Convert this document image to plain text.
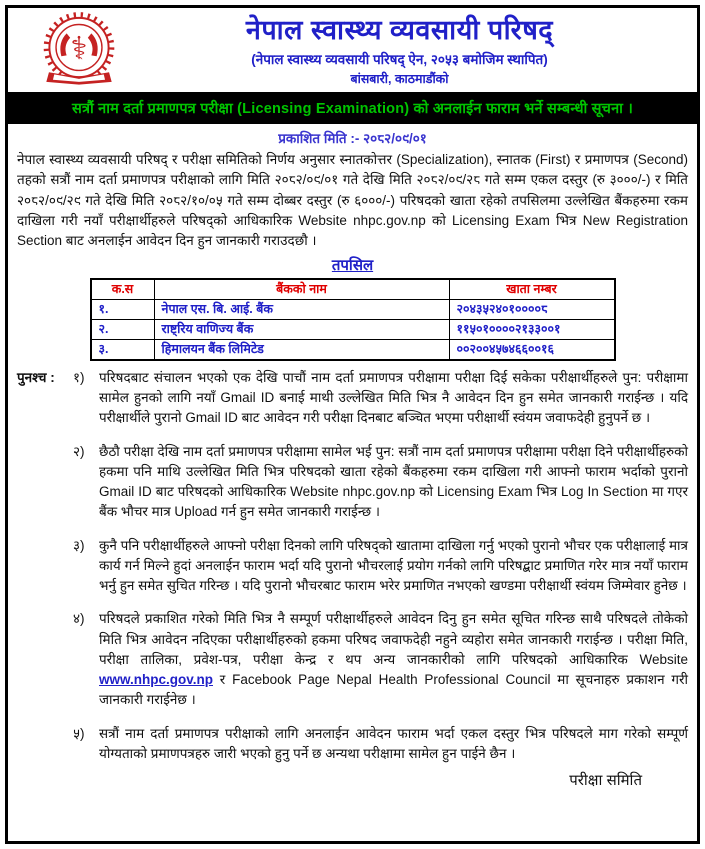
⚕	नेपाल स्वास्थ्य व्यवसायी परिषद्
(नेपाल स्वास्थ्य व्यवसायी परिषद् ऐन, २०५३ बमोजिम स्थापित)
बांसबारी, काठमाडौंको
सत्रौं नाम दर्ता प्रमाणपत्र परीक्षा (Licensing Examination) को अनलाईन फाराम भर्ने सम्बन्धी सूचना ।
प्रकाशित मिति :- २०८२/०९/०१

नेपाल स्वास्थ्य व्यवसायी परिषद् र परीक्षा समितिको निर्णय अनुसार स्नातकोत्तर (Specialization), स्नातक (First) र प्रमाणपत्र (Second) तहको सत्रौं नाम दर्ता प्रमाणपत्र परीक्षाको लागि मिति २०८२/०९/०१ गते देखि मिति २०८२/०९/२८ गते सम्म एकल दस्तुर (रु ३०००/-) र मिति २०८२/०९/२९ गते देखि मिति २०८२/१०/०५ गते सम्म दोब्बर दस्तुर (रु ६०००/-) परिषदको खाता रहेको तपसिलमा उल्लेखित बैंकहरुमा रकम दाखिला गरी नयाँ परीक्षार्थीहरुले परिषद्को आधिकारिक Website nhpc.gov.np को Licensing Exam भित्र New Registration Section बाट अनलाईन आवेदन दिन हुन जानकारी गराउदछौ ।

तपसिल
क.स	बैंकको नाम	खाता नम्बर
१.	नेपाल एस. बि. आई. बैंक	२०४३५२४०१००००८
२.	राष्ट्रिय वाणिज्य बैंक	११५०१००००२१३३००१
३.	हिमालयन बैंक लिमिटेड	००२००४५७४६६००१६
पुनश्च :	१)	परिषदबाट संचालन भएको एक देखि पाचौं नाम दर्ता प्रमाणपत्र परीक्षामा परीक्षा दिई सकेका परीक्षार्थीहरुले पुन: परीक्षामा सामेल हुनको लागि नयाँ Gmail ID बनाई माथी उल्लेखित मिति भित्र नै आवेदन दिन हुन समेत जानकारी गराईन्छ । यदि परीक्षार्थीले पुरानो Gmail ID बाट आवेदन गरी परीक्षा दिनबाट बञ्चित भएमा परीक्षार्थी स्वंयम जवाफदेही हुनुपर्ने छ ।
२)	छैठौ परीक्षा देखि नाम दर्ता प्रमाणपत्र परीक्षामा सामेल भई पुन: सत्रौं नाम दर्ता प्रमाणपत्र परीक्षामा परीक्षा दिने परीक्षार्थीहरुको हकमा पनि माथि उल्लेखित मिति भित्र परिषदको खाता रहेको बैंकहरुमा रकम दाखिला गरी आफ्नो फाराम भर्दाको पुरानो Gmail ID बाट परिषदको आधिकारिक Website nhpc.gov.np को Licensing Exam भित्र Log In Section मा गएर बैंक भौचर मात्र Upload गर्न हुन समेत जानकारी गराईन्छ ।
३)	कुनै पनि परीक्षार्थीहरुले आफ्नो परीक्षा दिनको लागि परिषद्को खातामा दाखिला गर्नु भएको पुरानो भौचर एक परीक्षालाई मात्र कार्य गर्न मिल्ने हुदां अनलाईन फाराम भर्दा यदि पुरानो भौचरलाई प्रयोग गर्नको लागि परिषद्बाट प्रमाणित गरेर मात्र नयाँ फाराम भर्नु हुन समेत सुचित गरिन्छ । यदि पुरानो भौचरबाट फाराम भरेर प्रमाणित नभएको खण्डमा परीक्षार्थी स्वंयम जिम्मेवार हुनेछ ।
४)	परिषदले प्रकाशित गरेको मिति भित्र नै सम्पूर्ण परीक्षार्थीहरुले आवेदन दिनु हुन समेत सूचित गरिन्छ साथै परिषदले तोकेको मिति भित्र आवेदन नदिएका परीक्षार्थीहरुको हकमा परिषद जवाफदेही नहुने व्यहोरा समेत जानकारी गराईन्छ । परीक्षा मिति, परीक्षा तालिका, प्रवेश-पत्र, परीक्षा केन्द्र र थप अन्य जानकारीको लागि परिषदको आधिकारिक Website www.nhpc.gov.np र Facebook Page Nepal Health Professional Council मा सूचनाहरु प्रकाशन गरी जानकारी गराईनेछ ।
५)	सत्रौं नाम दर्ता प्रमाणपत्र परीक्षाको लागि अनलाईन आवेदन फाराम भर्दा एकल दस्तुर भित्र परिषदले माग गरेको सम्पूर्ण योग्यताको प्रमाणपत्रहरु जारी भएको हुनु पर्ने छ अन्यथा परीक्षामा सामेल हुन पाईने छैन ।
परीक्षा समिति
